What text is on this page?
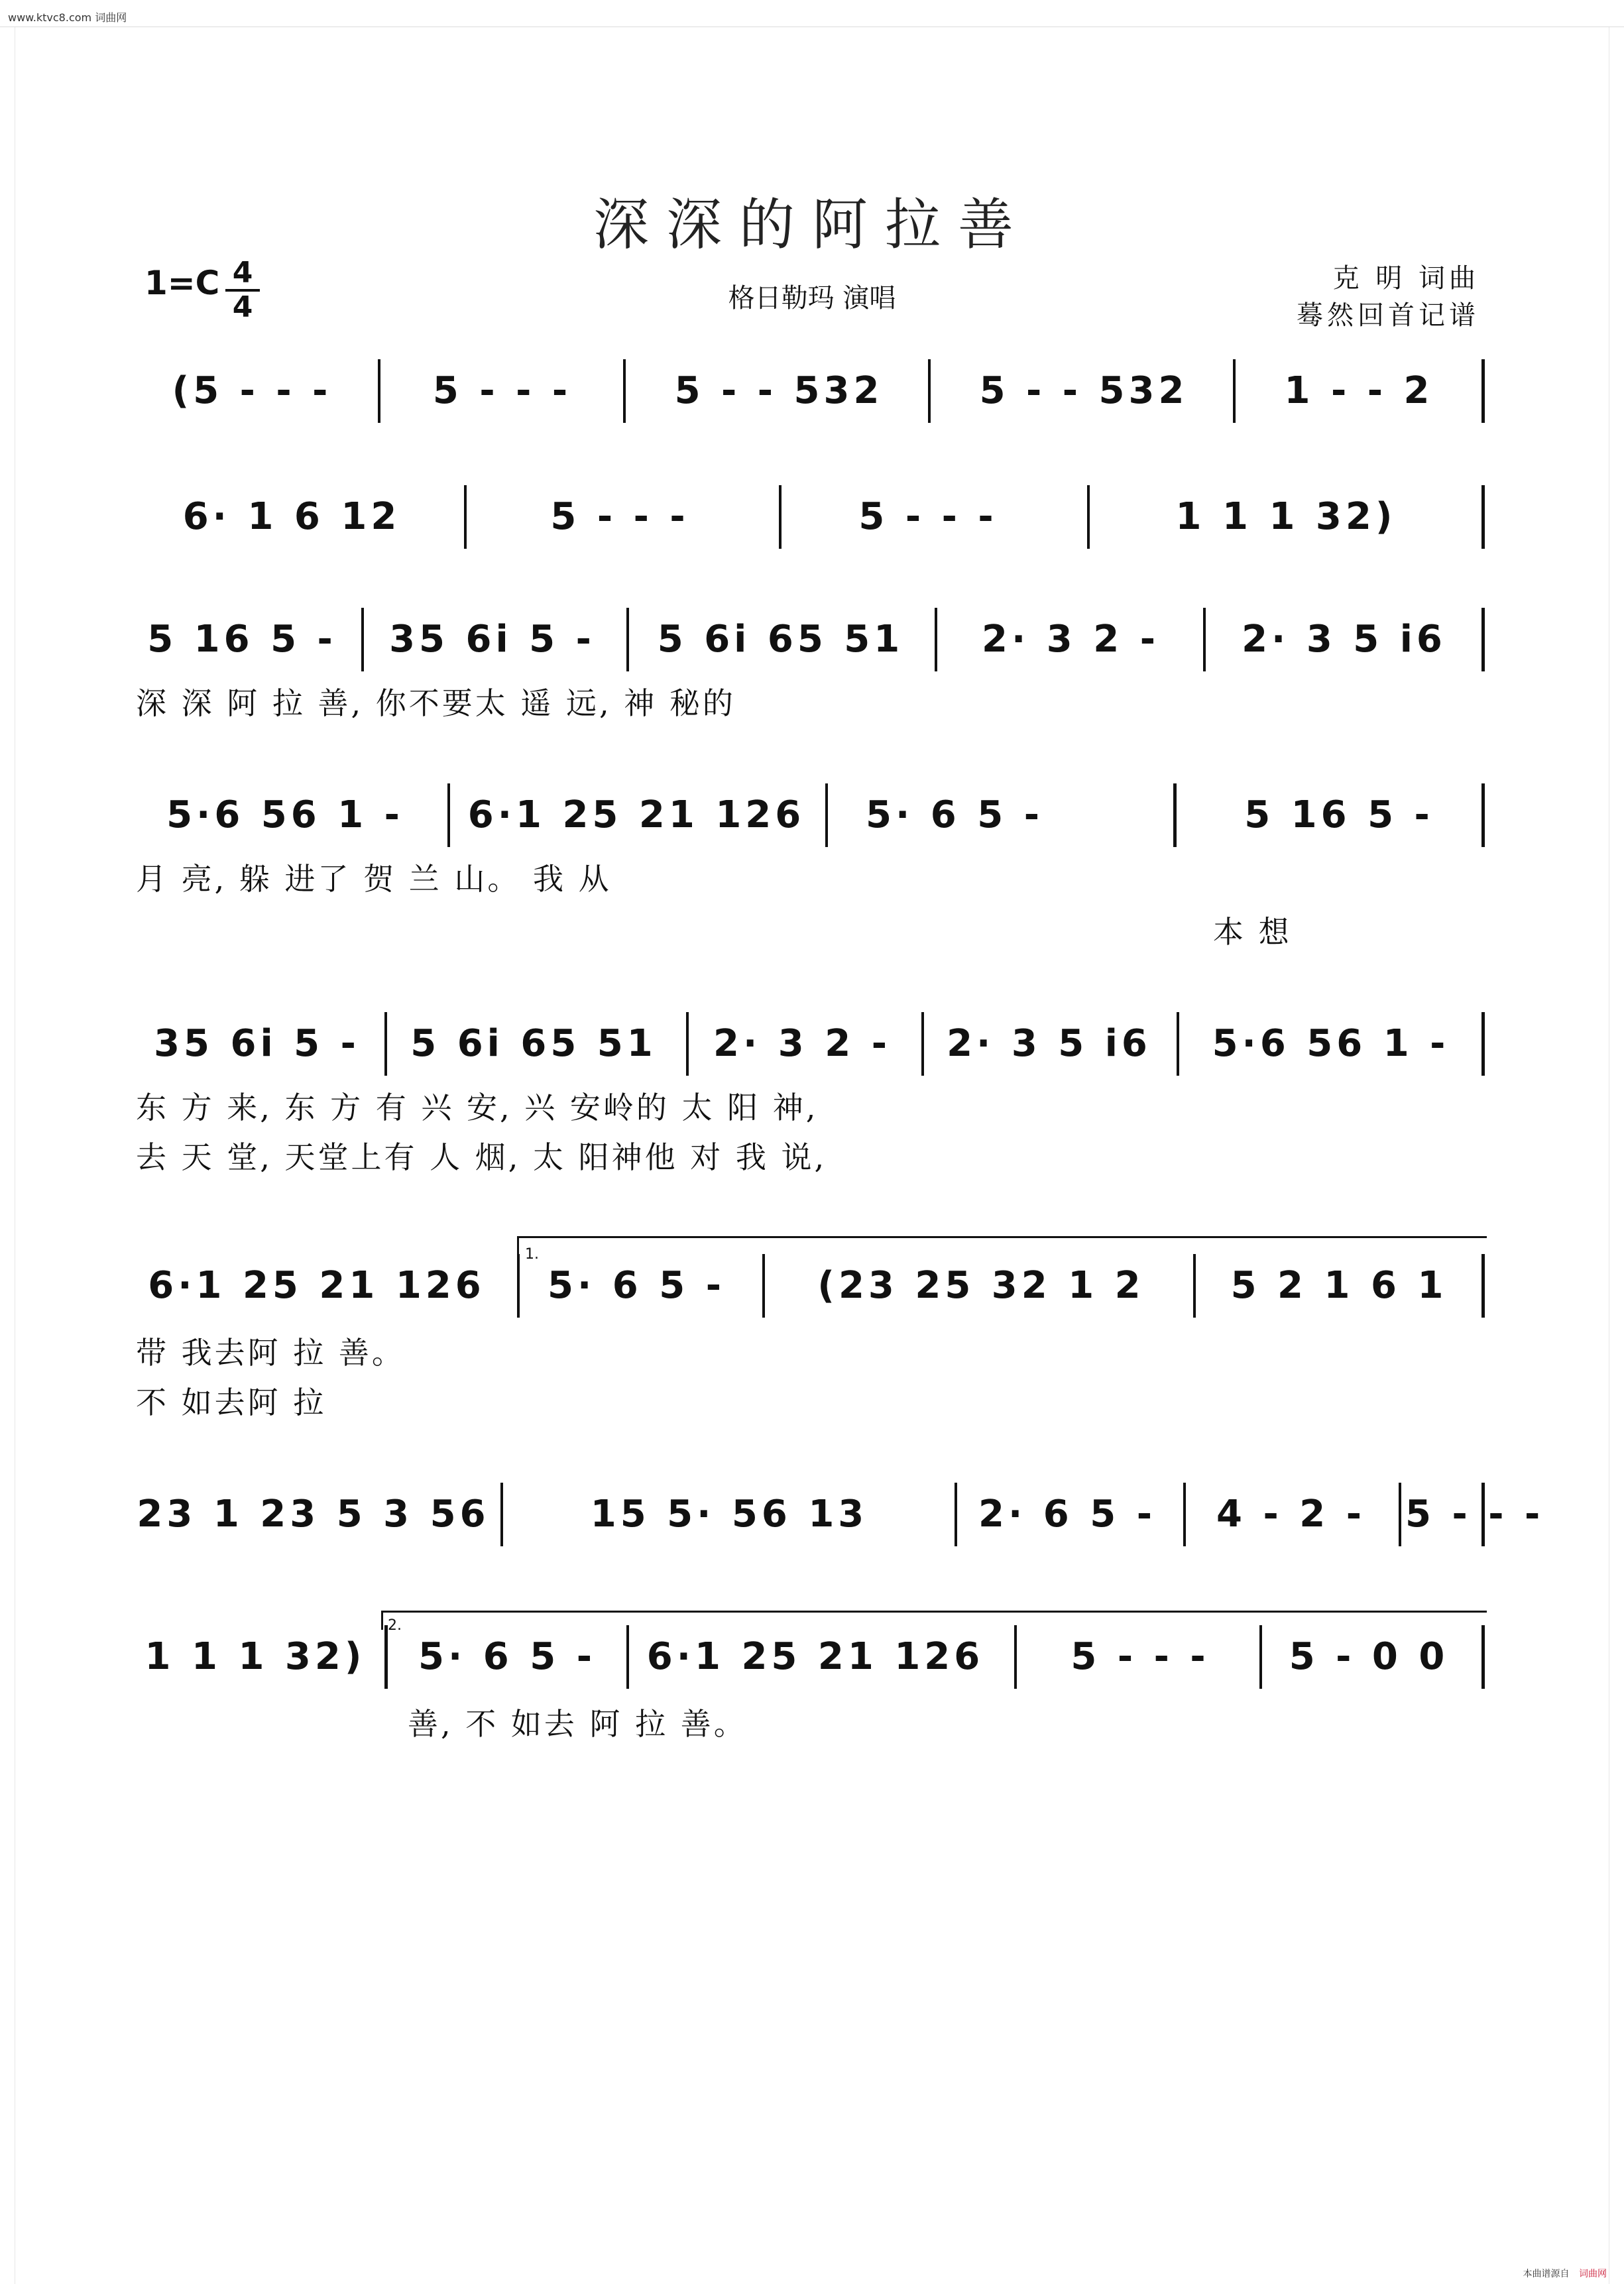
www.ktvc8.com 词曲网
深深的阿拉善
1=C 4
4	格日勒玛 演唱
克 明 词曲
蓦然回首记谱
(5 - - -	5 - - -	5 - - 532	5 - - 532	1 - - 2
6· 1 6 12	5 - - -	5 - - -	1 1 1 32)
5 16 5 -	35 6i 5 -	5 6i 65 51	2· 3 2 -	2· 3 5 i6
深 深 阿 拉 善, 你不要太 遥 远, 神 秘的
5·6 56 1 -	6·1 25 21 126	5· 6 5 -	5 16 5 -
月 亮, 躲 进了 贺 兰 山。 我 从
本 想
35 6i 5 -	5 6i 65 51	2· 3 2 -	2· 3 5 i6	5·6 56 1 -
东 方 来, 东 方 有 兴 安, 兴 安岭的 太 阳 神,
去 天 堂, 天堂上有 人 烟, 太 阳神他 对 我 说,
1.
6·1 25 21 126	5· 6 5 -	(23 25 32 1 2	5 2 1 6 1
带 我去阿 拉 善。
不 如去阿 拉
23 1 23 5 3 56	15 5· 56 13	2· 6 5 -	4 - 2 -	5 - - -
2.
1 1 1 32)	5· 6 5 -	6·1 25 21 126	5 - - -	5 - 0 0
善, 不 如去 阿 拉 善。
本曲谱源自 词曲网
